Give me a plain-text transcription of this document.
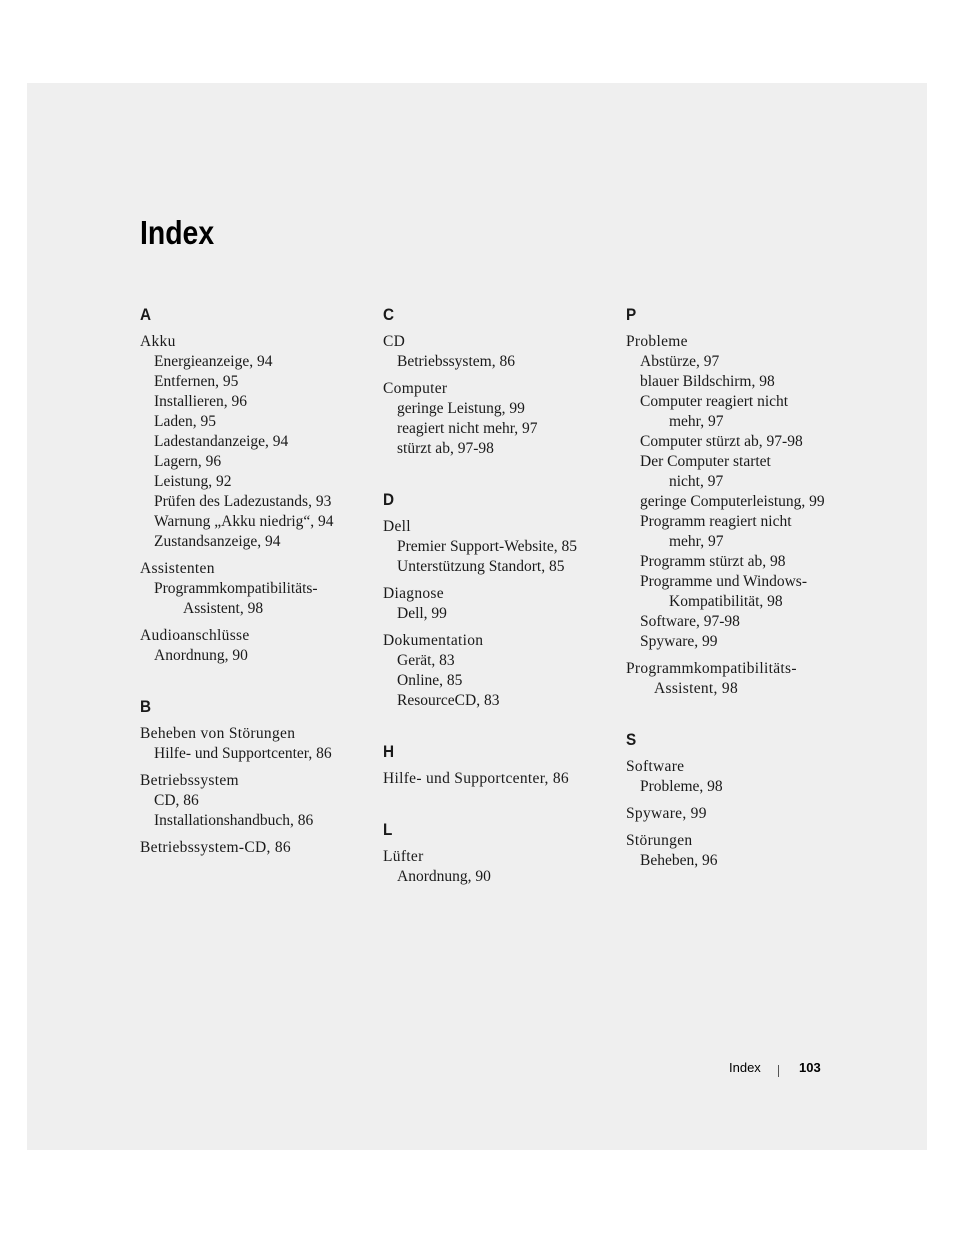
Index
A
Akku
Energieanzeige, 94
Entfernen, 95
Installieren, 96
Laden, 95
Ladestandanzeige, 94
Lagern, 96
Leistung, 92
Prüfen des Ladezustands, 93
Warnung „Akku niedrig“, 94
Zustandsanzeige, 94
Assistenten
Programmkompatibilitäts-
Assistent, 98
Audioanschlüsse
Anordnung, 90
B
Beheben von Störungen
Hilfe- und Supportcenter, 86
Betriebssystem
CD, 86
Installationshandbuch, 86
Betriebssystem-CD, 86
C
CD
Betriebssystem, 86
Computer
geringe Leistung, 99
reagiert nicht mehr, 97
stürzt ab, 97-98
D
Dell
Premier Support-Website, 85
Unterstützung Standort, 85
Diagnose
Dell, 99
Dokumentation
Gerät, 83
Online, 85
ResourceCD, 83
H
Hilfe- und Supportcenter, 86
L
Lüfter
Anordnung, 90
P
Probleme
Abstürze, 97
blauer Bildschirm, 98
Computer reagiert nicht
mehr, 97
Computer stürzt ab, 97-98
Der Computer startet
nicht, 97
geringe Computerleistung, 99
Programm reagiert nicht
mehr, 97
Programm stürzt ab, 98
Programme und Windows-
Kompatibilität, 98
Software, 97-98
Spyware, 99
Programmkompatibilitäts-
Assistent, 98
S
Software
Probleme, 98
Spyware, 99
Störungen
Beheben, 96
Index	103
